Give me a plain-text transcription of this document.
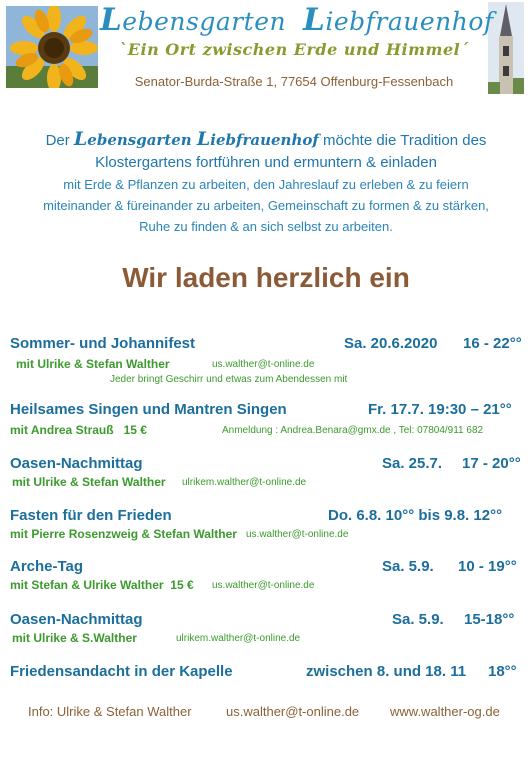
Lebensgarten Liebfrauenhof
`Ein Ort zwischen Erde und Himmel´
Senator-Burda-Straße 1, 77654 Offenburg-Fessenbach
Der Lebensgarten Liebfrauenhof möchte die Tradition des
Klostergartens fortführen und ermuntern & einladen
mit Erde & Pflanzen zu arbeiten, den Jahreslauf zu erleben & zu feiern
miteinander & füreinander zu arbeiten, Gemeinschaft zu formen & zu stärken,
Ruhe zu finden & an sich selbst zu arbeiten.
Wir laden herzlich ein
Sommer- und Johannifest	Sa. 20.6.2020 16 - 22°°
mit Ulrike & Stefan Walther	us.walther@t-online.de
Jeder bringt Geschirr und etwas zum Abendessen mit
Heilsames Singen und Mantren Singen	Fr. 17.7. 19:30 – 21°°
mit Andrea Strauß 15 €	Anmeldung : Andrea.Benara@gmx.de , Tel: 07804/911 682
Oasen-Nachmittag	Sa. 25.7. 17 - 20°°
mit Ulrike & Stefan Walther ulrikem.walther@t-online.de
Fasten für den Frieden	Do. 6.8. 10°° bis 9.8. 12°°
mit Pierre Rosenzweig & Stefan Walther us.walther@t-online.de
Arche-Tag	Sa. 5.9. 10 - 19°°
mit Stefan & Ulrike Walther 15 € us.walther@t-online.de
Oasen-Nachmittag	Sa. 5.9. 15-18°°
mit Ulrike & S.Walther	ulrikem.walther@t-online.de
Friedensandacht in der Kapelle	zwischen 8. und 18. 11 18°°
Info: Ulrike & Stefan Walther	us.walther@t-online.de www.walther-og.de
